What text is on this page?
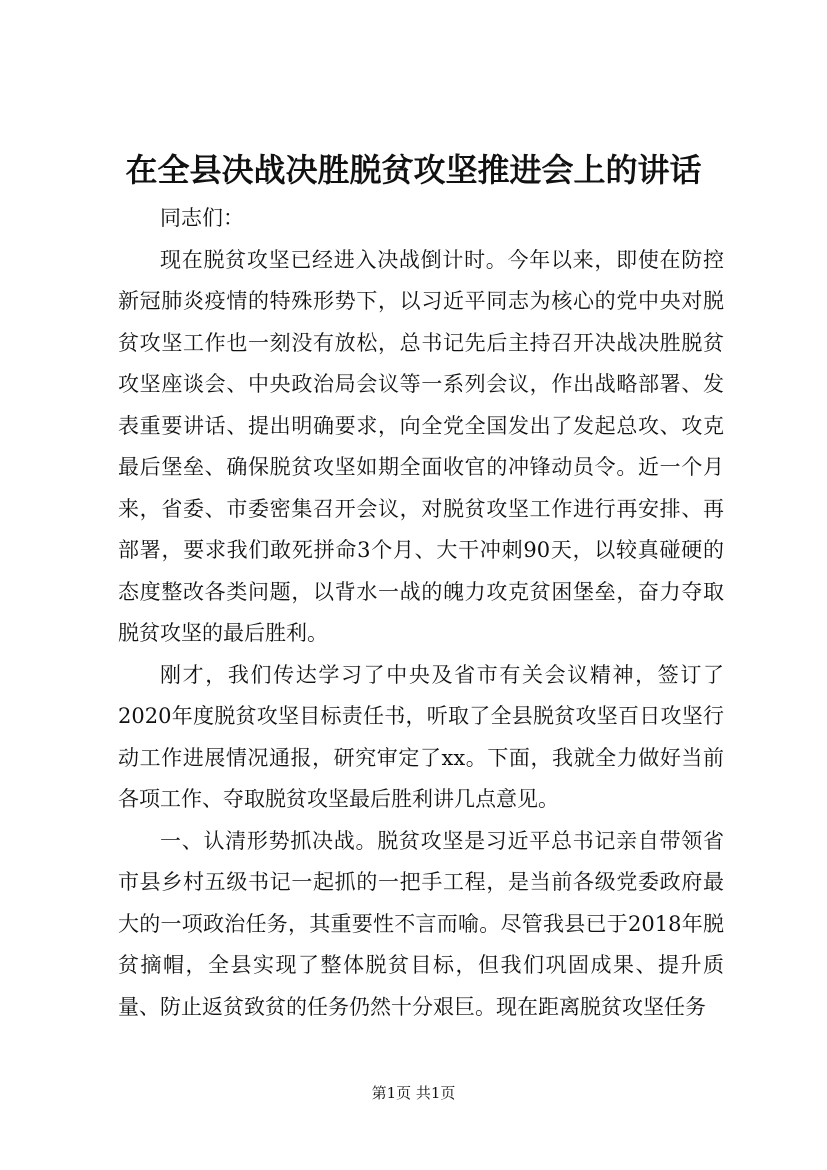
在全县决战决胜脱贫攻坚推进会上的讲话

同志们：

现在脱贫攻坚已经进入决战倒计时。今年以来，即使在防控新冠肺炎疫情的特殊形势下，以习近平同志为核心的党中央对脱贫攻坚工作也一刻没有放松，总书记先后主持召开决战决胜脱贫攻坚座谈会、中央政治局会议等一系列会议，作出战略部署、发表重要讲话、提出明确要求，向全党全国发出了发起总攻、攻克最后堡垒、确保脱贫攻坚如期全面收官的冲锋动员令。近一个月来，省委、市委密集召开会议，对脱贫攻坚工作进行再安排、再部署，要求我们敢死拼命3个月、大干冲刺90天，以较真碰硬的态度整改各类问题，以背水一战的魄力攻克贫困堡垒，奋力夺取脱贫攻坚的最后胜利。

刚才，我们传达学习了中央及省市有关会议精神，签订了2020年度脱贫攻坚目标责任书，听取了全县脱贫攻坚百日攻坚行动工作进展情况通报，研究审定了xx。下面，我就全力做好当前各项工作、夺取脱贫攻坚最后胜利讲几点意见。

一、认清形势抓决战。脱贫攻坚是习近平总书记亲自带领省市县乡村五级书记一起抓的一把手工程，是当前各级党委政府最大的一项政治任务，其重要性不言而喻。尽管我县已于2018年脱贫摘帽，全县实现了整体脱贫目标，但我们巩固成果、提升质量、防止返贫致贫的任务仍然十分艰巨。现在距离脱贫攻坚任务

第1页 共1页
